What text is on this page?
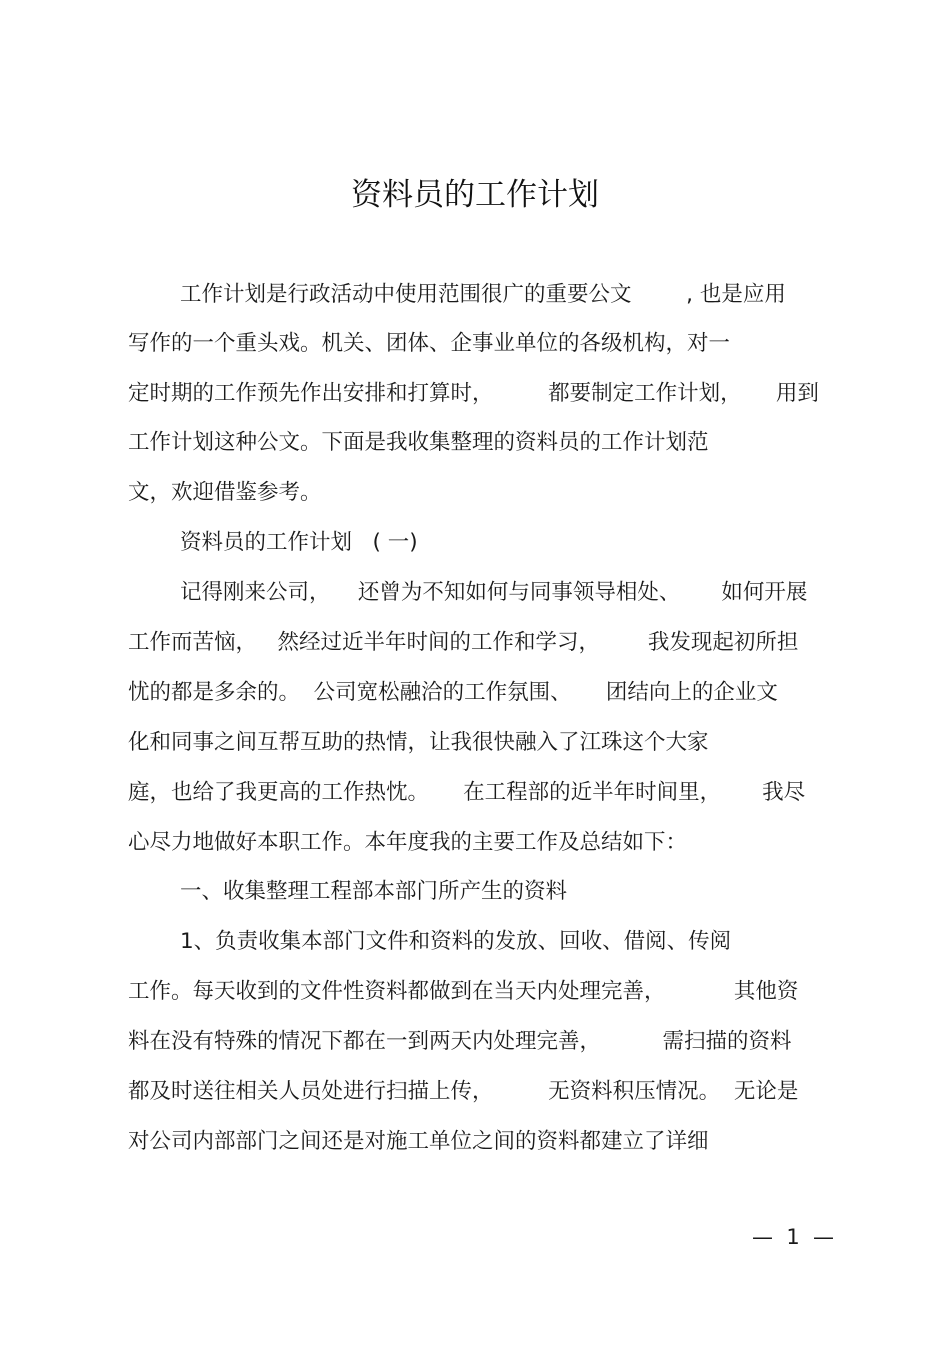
资料员的工作计划
工作计划是行政活动中使用范围很广的重要公文        , 也是应用
写作的一个重头戏。机关、团体、企事业单位的各级机构，对一
定时期的工作预先作出安排和打算时，        都要制定工作计划，     用到
工作计划这种公文。下面是我收集整理的资料员的工作计划范
文，欢迎借鉴参考。
资料员的工作计划   ( 一)
记得刚来公司，    还曾为不知如何与同事领导相处、      如何开展
工作而苦恼，   然经过近半年时间的工作和学习，       我发现起初所担
忧的都是多余的。  公司宽松融洽的工作氛围、     团结向上的企业文
化和同事之间互帮互助的热情，让我很快融入了江珠这个大家
庭，也给了我更高的工作热忱。     在工程部的近半年时间里，      我尽
心尽力地做好本职工作。本年度我的主要工作及总结如下：
一、收集整理工程部本部门所产生的资料
1、负责收集本部门文件和资料的发放、回收、借阅、传阅
工作。每天收到的文件性资料都做到在当天内处理完善，          其他资
料在没有特殊的情况下都在一到两天内处理完善，         需扫描的资料
都及时送往相关人员处进行扫描上传，        无资料积压情况。  无论是
对公司内部部门之间还是对施工单位之间的资料都建立了详细
—  1  —
